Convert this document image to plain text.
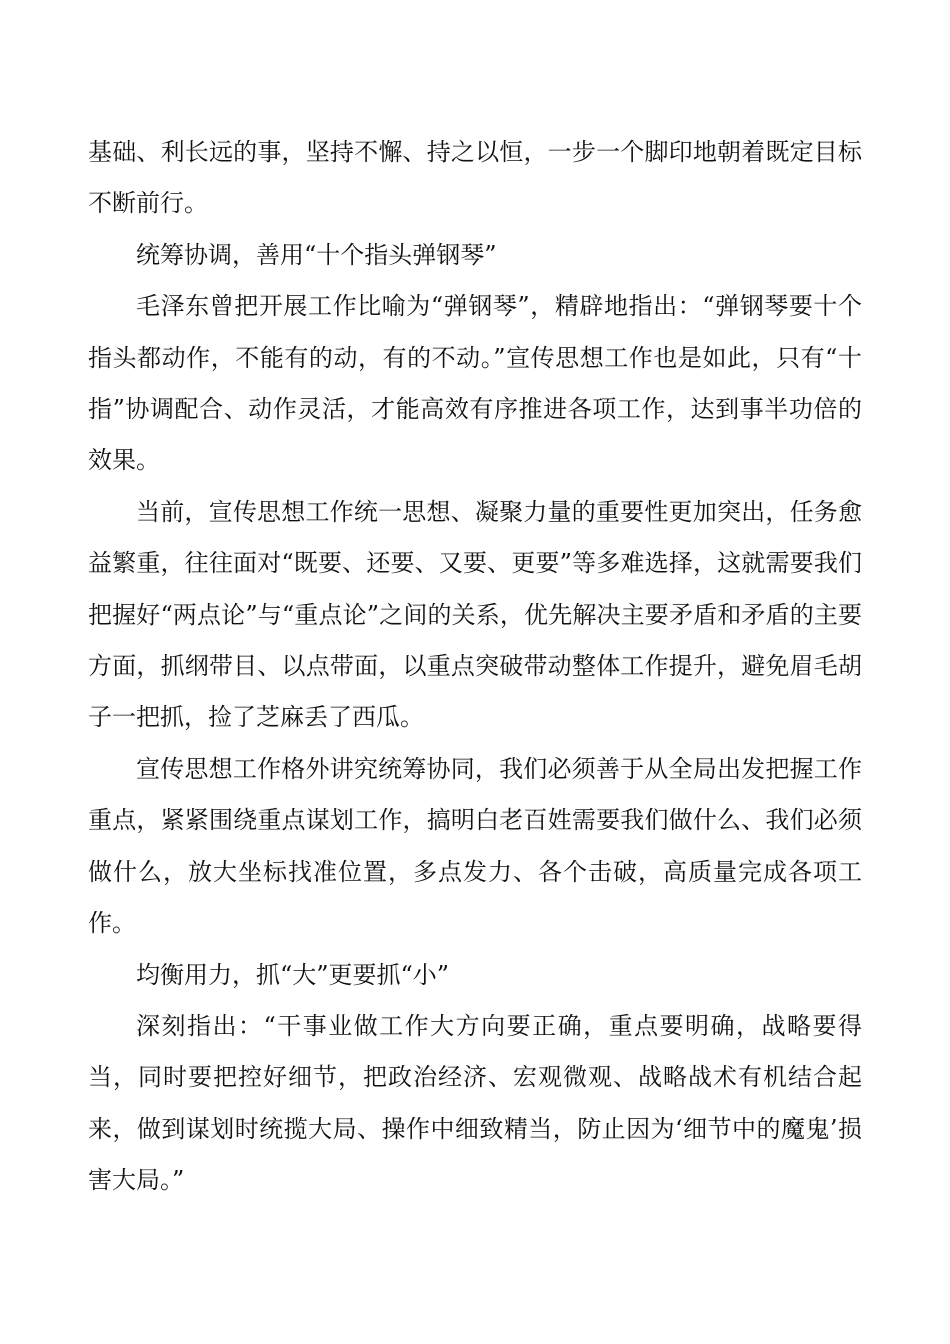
基础、利长远的事，坚持不懈、持之以恒，一步一个脚印地朝着既定目标不断前行。

统筹协调，善用“十个指头弹钢琴”

毛泽东曾把开展工作比喻为“弹钢琴”，精辟地指出：“弹钢琴要十个指头都动作，不能有的动，有的不动。”宣传思想工作也是如此，只有“十指”协调配合、动作灵活，才能高效有序推进各项工作，达到事半功倍的效果。

当前，宣传思想工作统一思想、凝聚力量的重要性更加突出，任务愈益繁重，往往面对“既要、还要、又要、更要”等多难选择，这就需要我们把握好“两点论”与“重点论”之间的关系，优先解决主要矛盾和矛盾的主要方面，抓纲带目、以点带面，以重点突破带动整体工作提升，避免眉毛胡子一把抓，捡了芝麻丢了西瓜。

宣传思想工作格外讲究统筹协同，我们必须善于从全局出发把握工作重点，紧紧围绕重点谋划工作，搞明白老百姓需要我们做什么、我们必须做什么，放大坐标找准位置，多点发力、各个击破，高质量完成各项工作。

均衡用力，抓“大”更要抓“小”

深刻指出：“干事业做工作大方向要正确，重点要明确，战略要得当，同时要把控好细节，把政治经济、宏观微观、战略战术有机结合起来，做到谋划时统揽大局、操作中细致精当，防止因为‘细节中的魔鬼’损害大局。”
